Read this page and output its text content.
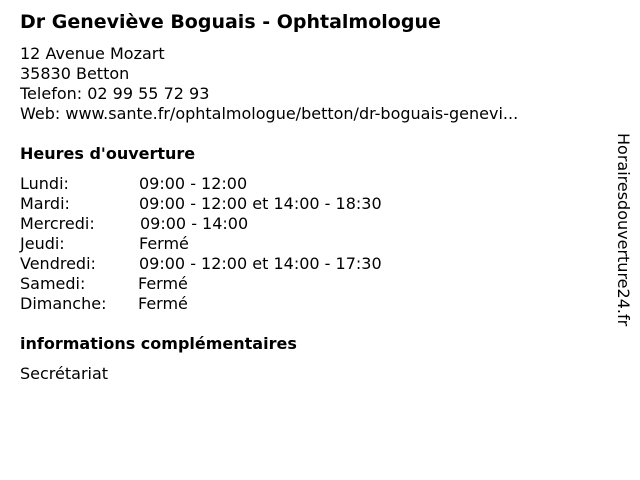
Dr Geneviève Boguais - Ophtalmologue
12 Avenue Mozart
35830 Betton
Telefon: 02 99 55 72 93
Web: www.sante.fr/ophtalmologue/betton/dr-boguais-genevi...
Heures d'ouverture
Lundi:	09:00 - 12:00
Mardi:	09:00 - 12:00 et 14:00 - 18:30
Mercredi:	09:00 - 14:00
Jeudi:	Fermé
Vendredi:	09:00 - 12:00 et 14:00 - 17:30
Samedi:	Fermé
Dimanche: Fermé
informations complémentaires
Secrétariat
Horairesdouverture24.fr
